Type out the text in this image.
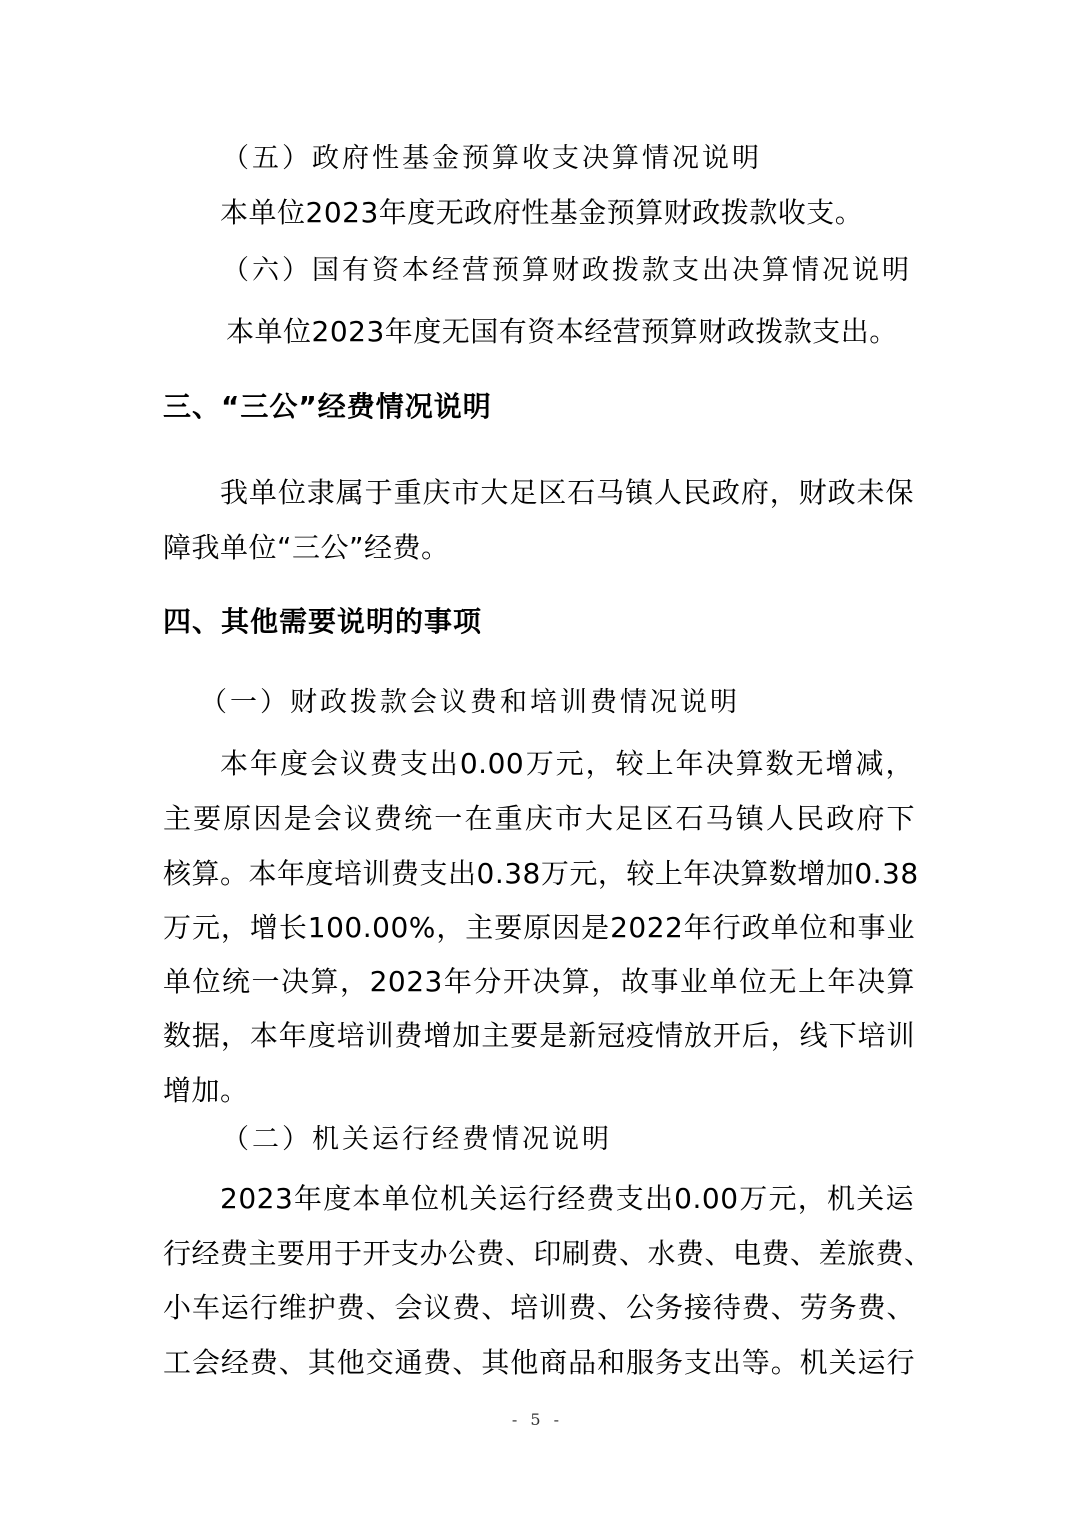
（五）政府性基金预算收支决算情况说明
本单位2023年度无政府性基金预算财政拨款收支。
（六）国有资本经营预算财政拨款支出决算情况说明
本单位2023年度无国有资本经营预算财政拨款支出。
三、“三公”经费情况说明
我单位隶属于重庆市大足区石马镇人民政府，财政未保
障我单位“三公”经费。
四、其他需要说明的事项
（一）财政拨款会议费和培训费情况说明
本年度会议费支出0.00万元，较上年决算数无增减，
主要原因是会议费统一在重庆市大足区石马镇人民政府下
核算。本年度培训费支出0.38万元，较上年决算数增加0.38
万元，增长100.00%，主要原因是2022年行政单位和事业
单位统一决算，2023年分开决算，故事业单位无上年决算
数据，本年度培训费增加主要是新冠疫情放开后，线下培训
增加。
（二）机关运行经费情况说明
2023年度本单位机关运行经费支出0.00万元，机关运
行经费主要用于开支办公费、印刷费、水费、电费、差旅费、
小车运行维护费、会议费、培训费、公务接待费、劳务费、
工会经费、其他交通费、其他商品和服务支出等。机关运行
- 5 -
